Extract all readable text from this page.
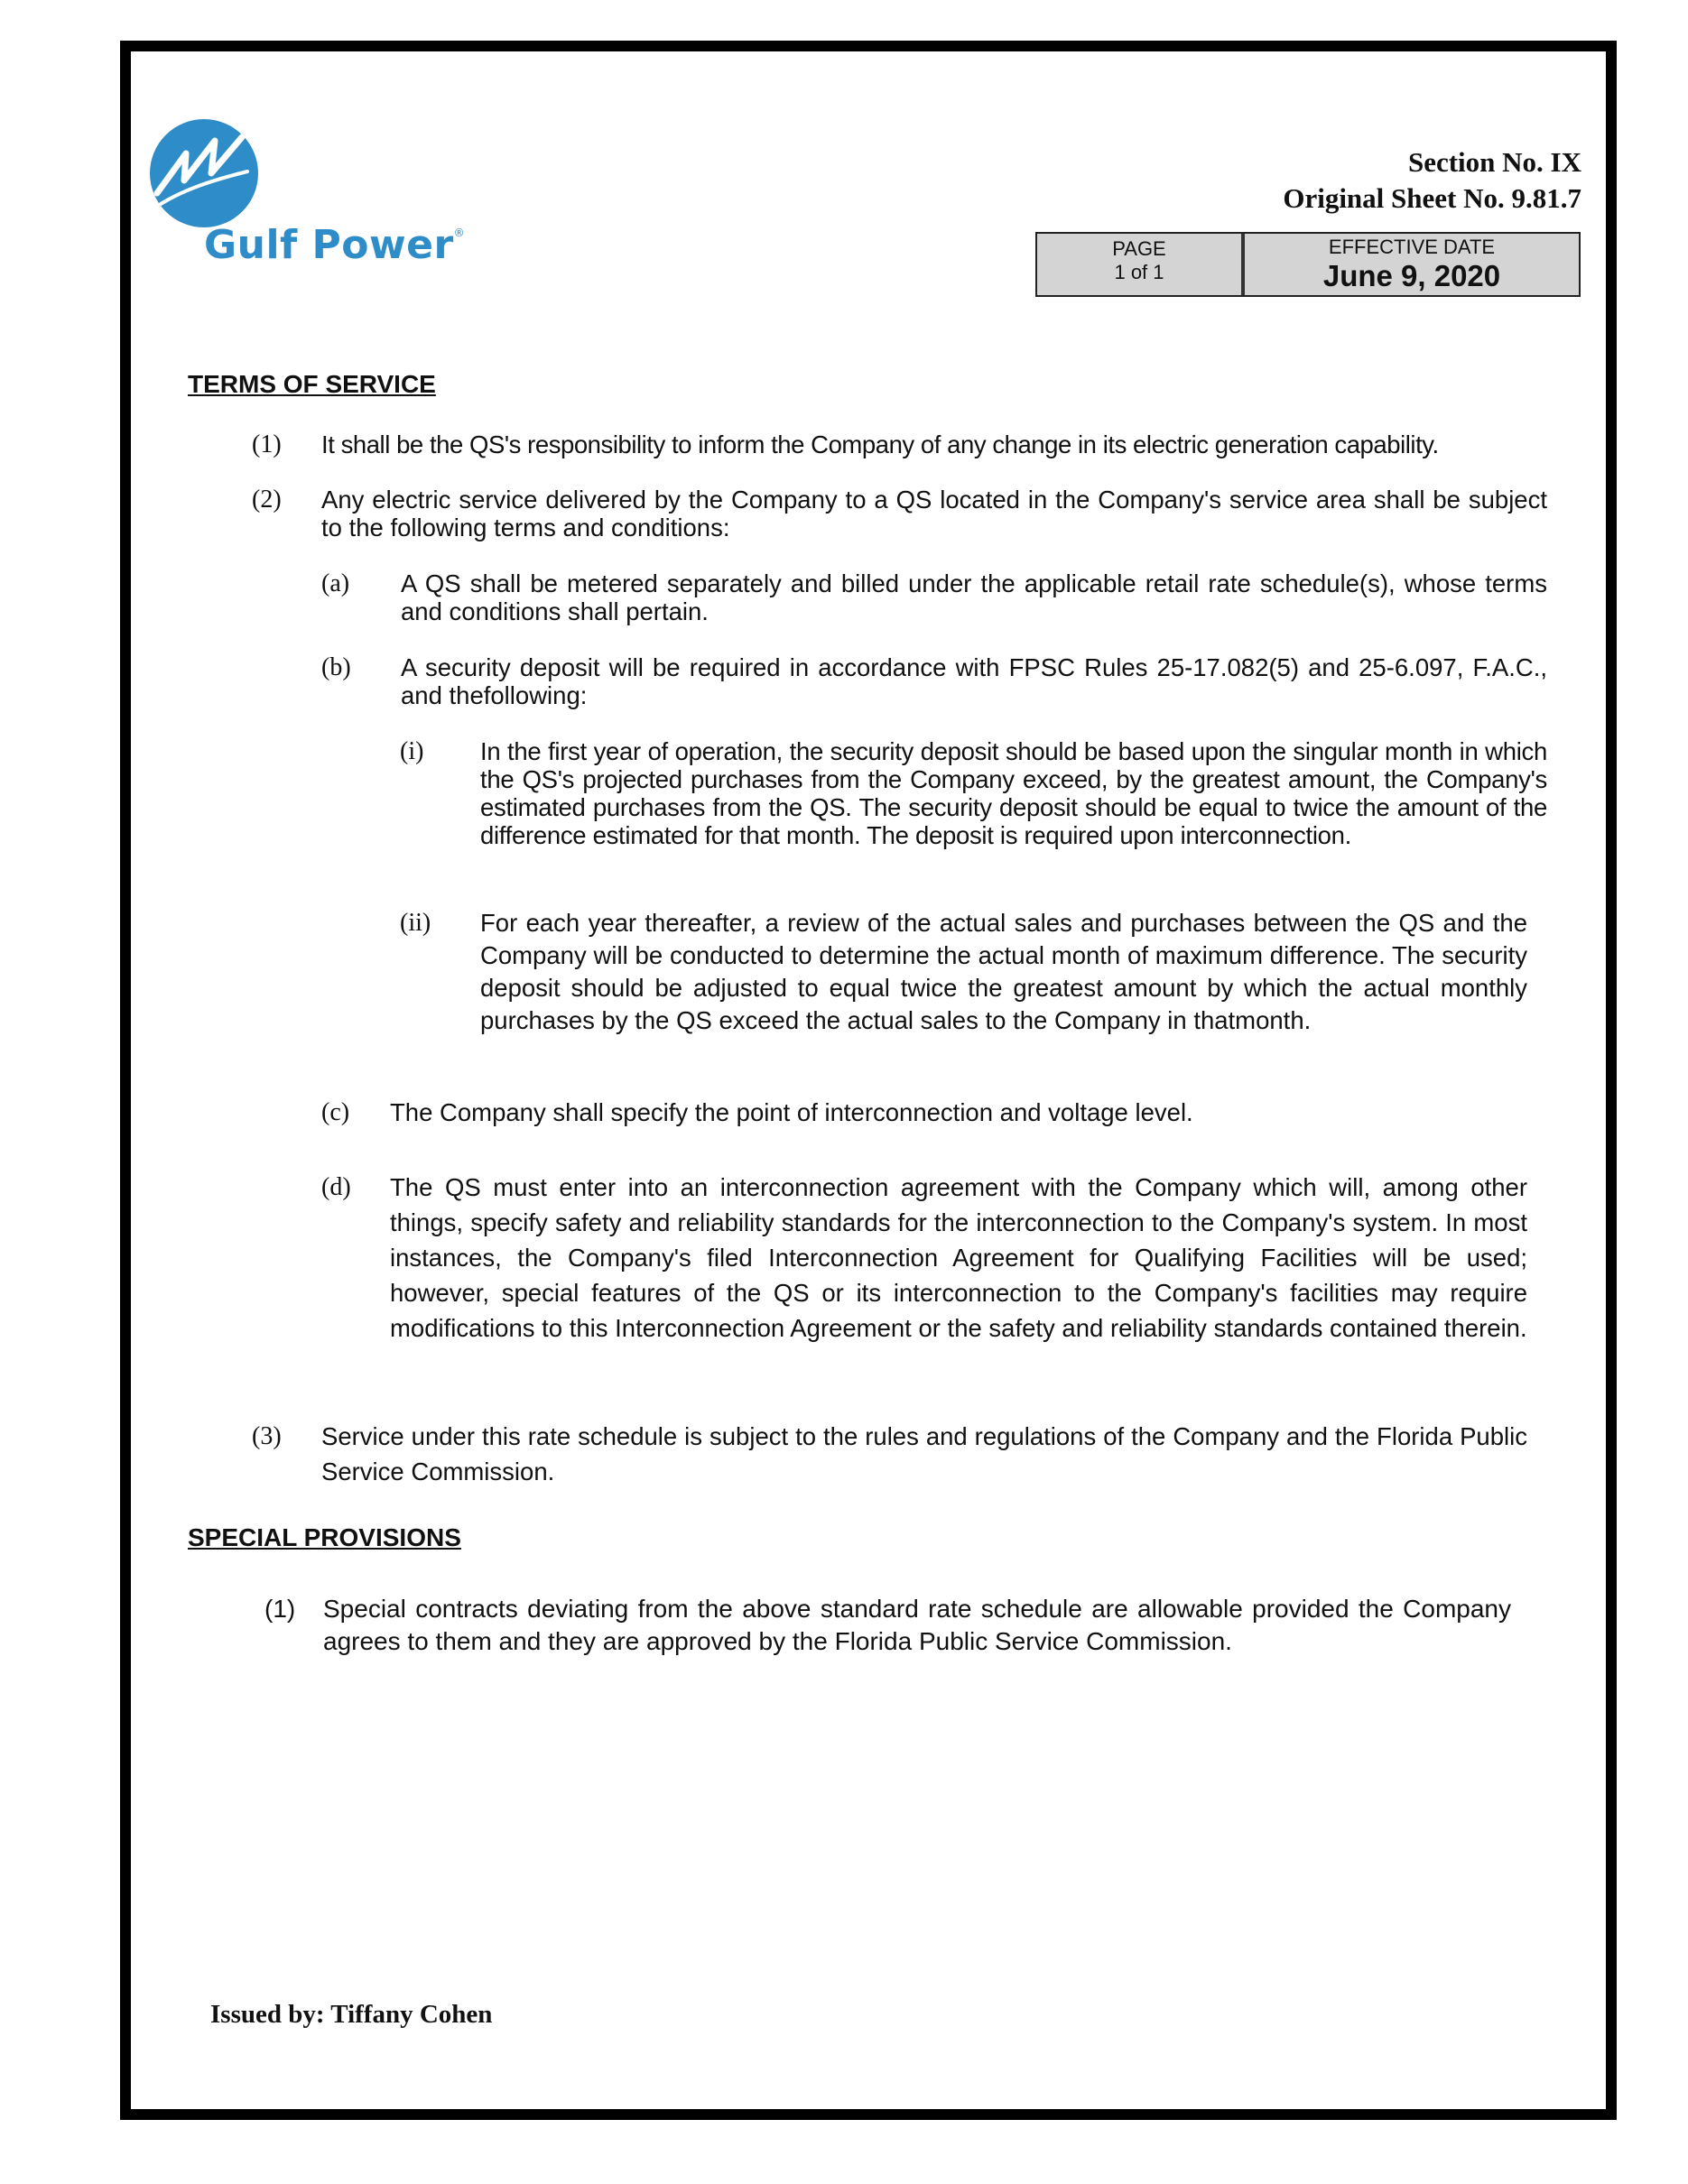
Gulf Power®
Section No. IX
Original Sheet No. 9.81.7
PAGE
1 of 1
EFFECTIVE DATE
June 9, 2020
TERMS OF SERVICE
(1) It shall be the QS's responsibility to inform the Company of any change in its electric generation capability.
(2) Any electric service delivered by the Company to a QS located in the Company's service area shall be subject to the following terms and conditions:
(a) A QS shall be metered separately and billed under the applicable retail rate schedule(s), whose terms and conditions shall pertain.
(b) A security deposit will be required in accordance with FPSC Rules 25-17.082(5) and 25-6.097, F.A.C., and thefollowing:
(i) In the first year of operation, the security deposit should be based upon the singular month in which the QS's projected purchases from the Company exceed, by the greatest amount, the Company's estimated purchases from the QS. The security deposit should be equal to twice the amount of the difference estimated for that month. The deposit is required upon interconnection.
(ii) For each year thereafter, a review of the actual sales and purchases between the QS and the Company will be conducted to determine the actual month of maximum difference. The security deposit should be adjusted to equal twice the greatest amount by which the actual monthly purchases by the QS exceed the actual sales to the Company in thatmonth.
(c) The Company shall specify the point of interconnection and voltage level.
(d) The QS must enter into an interconnection agreement with the Company which will, among other things, specify safety and reliability standards for the interconnection to the Company's system. In most instances, the Company's filed Interconnection Agreement for Qualifying Facilities will be used; however, special features of the QS or its interconnection to the Company's facilities may require modifications to this Interconnection Agreement or the safety and reliability standards contained therein.
(3) Service under this rate schedule is subject to the rules and regulations of the Company and the Florida Public Service Commission.
SPECIAL PROVISIONS
(1) Special contracts deviating from the above standard rate schedule are allowable provided the Company agrees to them and they are approved by the Florida Public Service Commission.
Issued by: Tiffany Cohen
